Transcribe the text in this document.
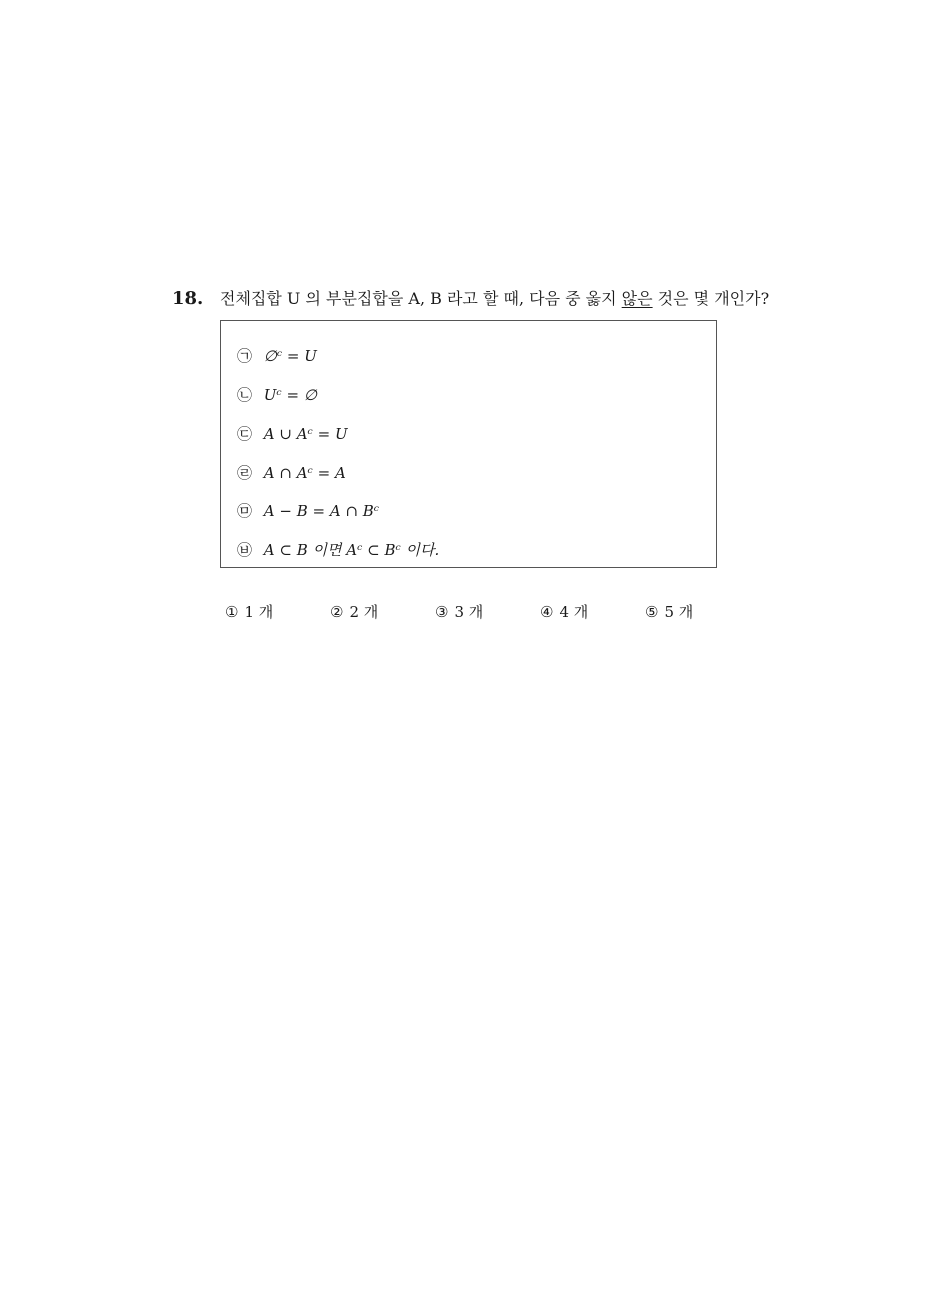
18. 전체집합 U 의 부분집합을 A, B 라고 할 때, 다음 중 옳지 않은 것은 몇 개인가?
㉠ ∅ᶜ = U
㉡ Uᶜ = ∅
㉢ A ∪ Aᶜ = U
㉣ A ∩ Aᶜ = A
㉤ A − B = A ∩ Bᶜ
㉥ A ⊂ B 이면 Aᶜ ⊂ Bᶜ 이다.
① 1 개	② 2 개	③ 3 개	④ 4 개	⑤ 5 개
